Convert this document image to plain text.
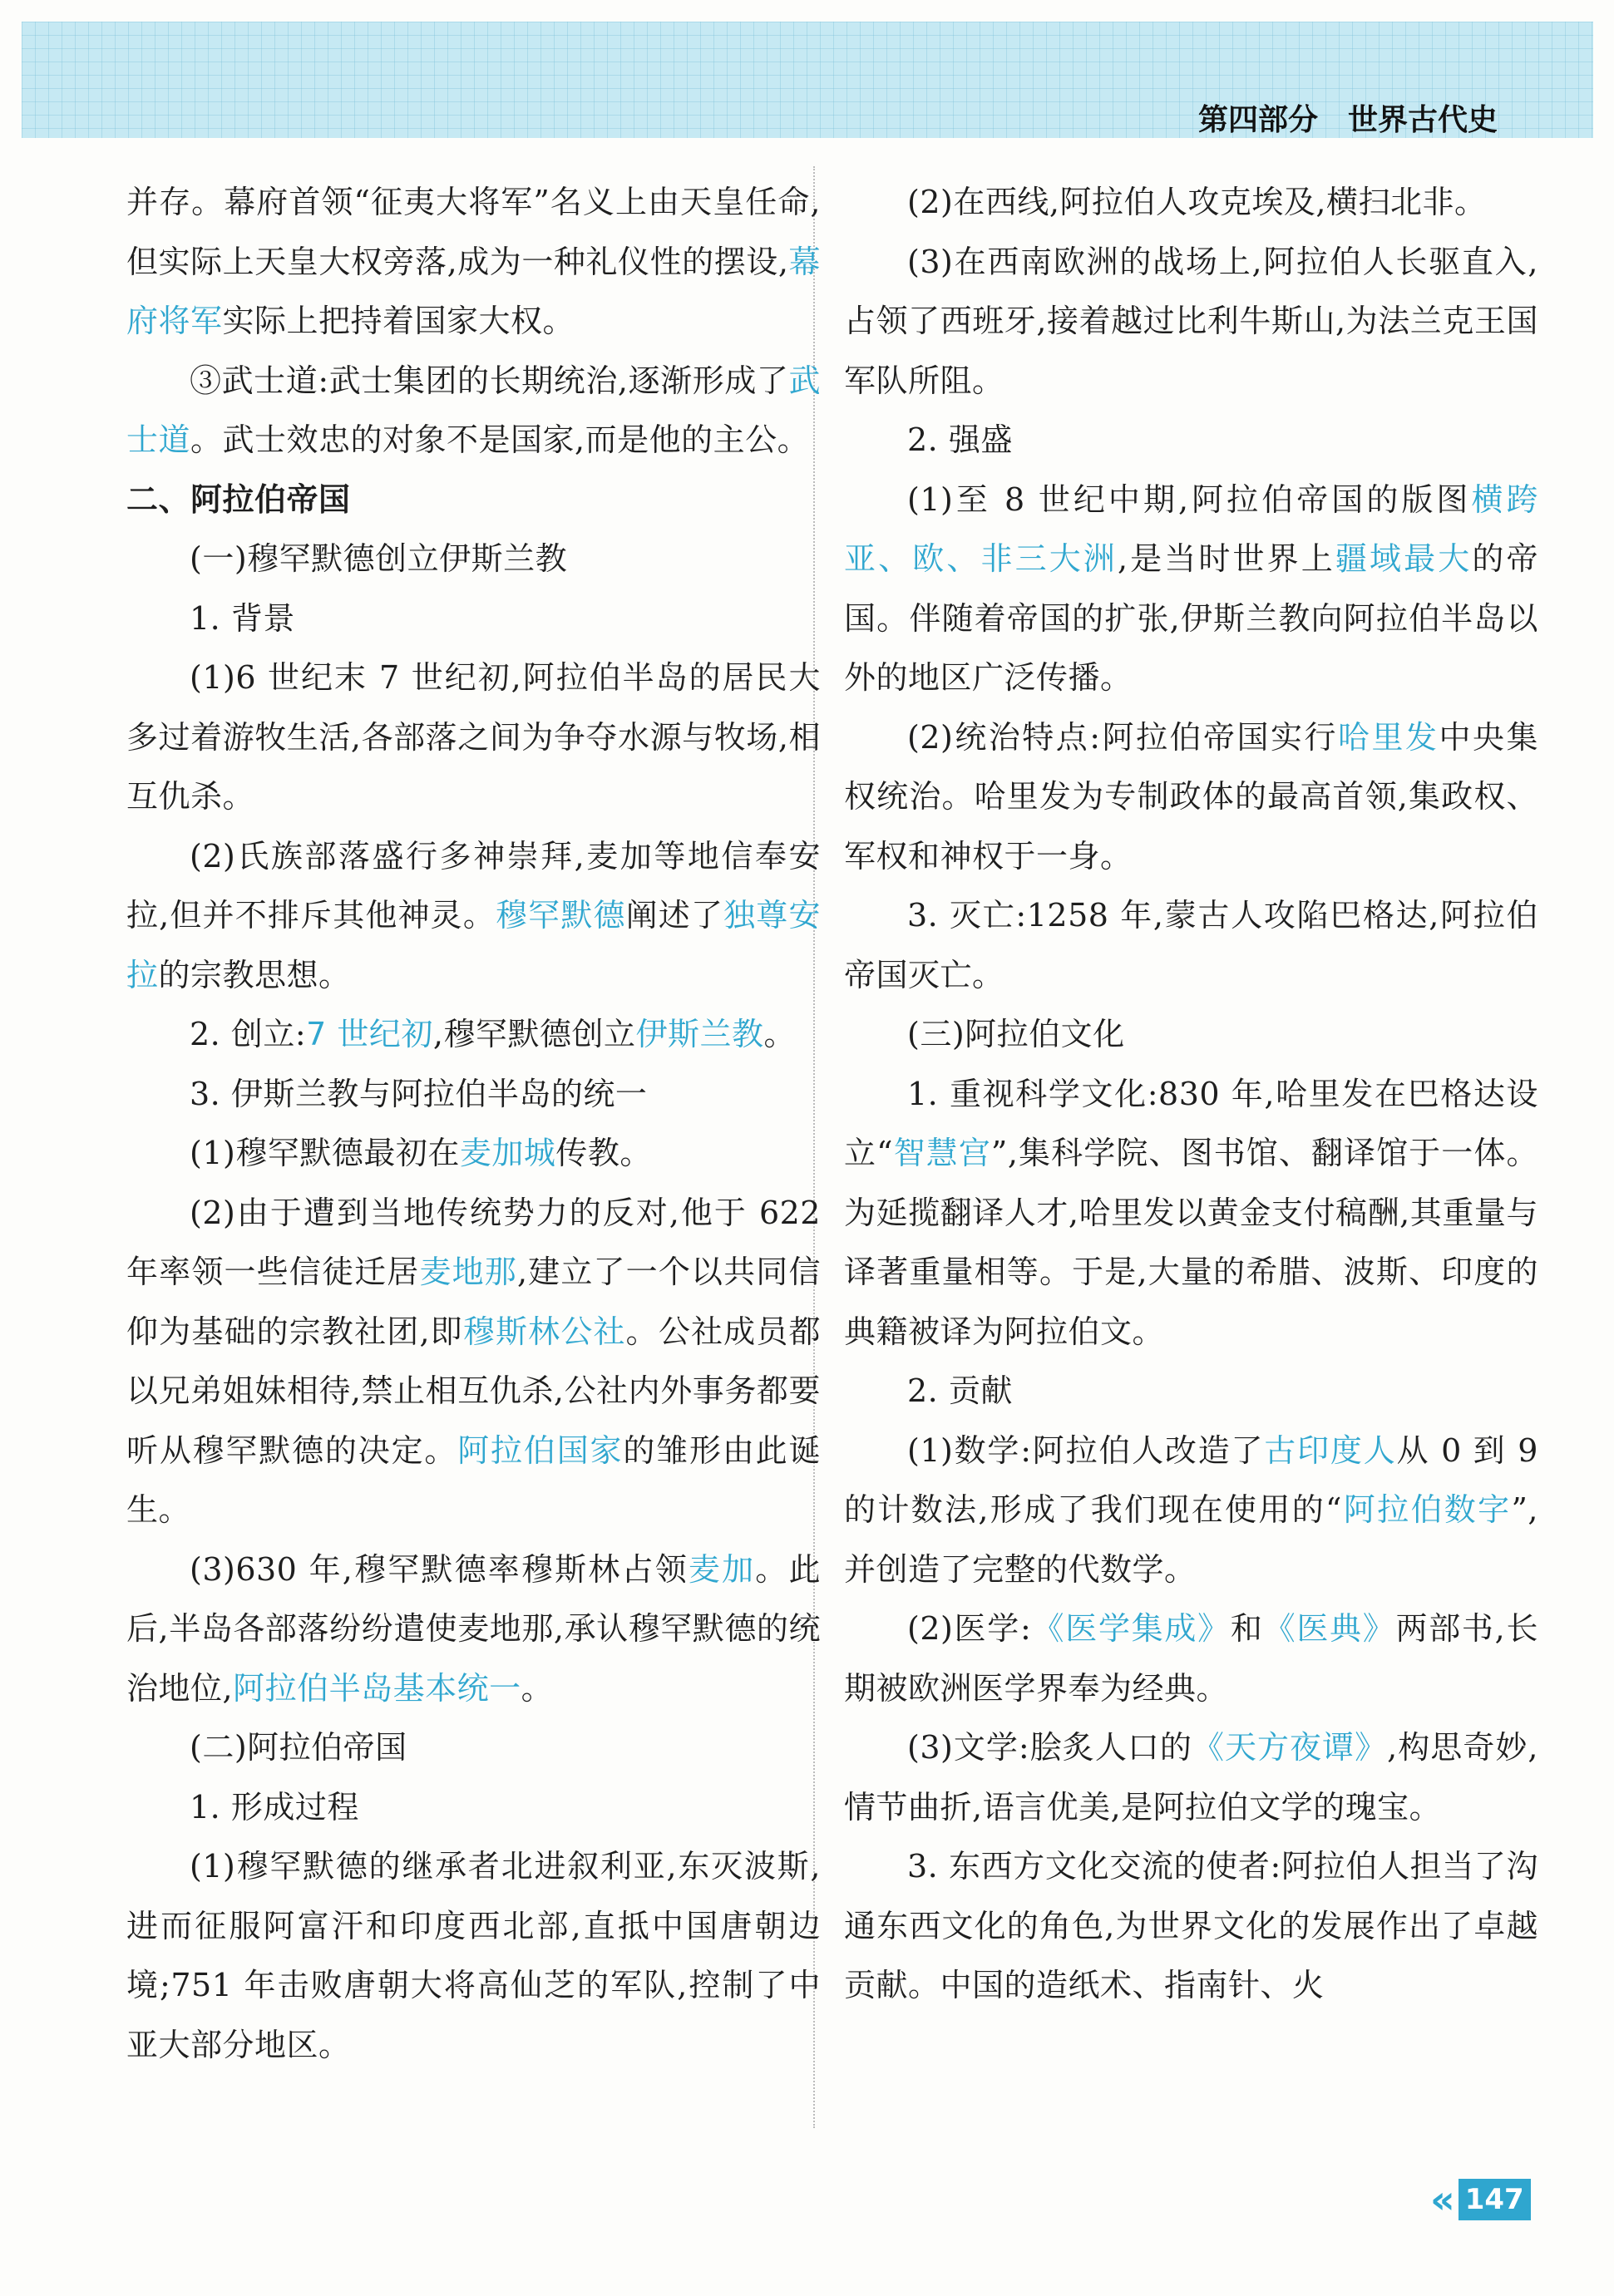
第四部分　世界古代史

并存。幕府首领“征夷大将军”名义上由天皇任命,但实际上天皇大权旁落,成为一种礼仪性的摆设,幕府将军实际上把持着国家大权。

③武士道:武士集团的长期统治,逐渐形成了武士道。武士效忠的对象不是国家,而是他的主公。

二、阿拉伯帝国

(一)穆罕默德创立伊斯兰教

1. 背景

(1)6 世纪末 7 世纪初,阿拉伯半岛的居民大多过着游牧生活,各部落之间为争夺水源与牧场,相互仇杀。

(2)氏族部落盛行多神崇拜,麦加等地信奉安拉,但并不排斥其他神灵。穆罕默德阐述了独尊安拉的宗教思想。

2. 创立:7 世纪初,穆罕默德创立伊斯兰教。

3. 伊斯兰教与阿拉伯半岛的统一

(1)穆罕默德最初在麦加城传教。

(2)由于遭到当地传统势力的反对,他于 622 年率领一些信徒迁居麦地那,建立了一个以共同信仰为基础的宗教社团,即穆斯林公社。公社成员都以兄弟姐妹相待,禁止相互仇杀,公社内外事务都要听从穆罕默德的决定。阿拉伯国家的雏形由此诞生。

(3)630 年,穆罕默德率穆斯林占领麦加。此后,半岛各部落纷纷遣使麦地那,承认穆罕默德的统治地位,阿拉伯半岛基本统一。

(二)阿拉伯帝国

1. 形成过程

(1)穆罕默德的继承者北进叙利亚,东灭波斯,进而征服阿富汗和印度西北部,直抵中国唐朝边境;751 年击败唐朝大将高仙芝的军队,控制了中亚大部分地区。

(2)在西线,阿拉伯人攻克埃及,横扫北非。

(3)在西南欧洲的战场上,阿拉伯人长驱直入,占领了西班牙,接着越过比利牛斯山,为法兰克王国军队所阻。

2. 强盛

(1)至 8 世纪中期,阿拉伯帝国的版图横跨亚、欧、非三大洲,是当时世界上疆域最大的帝国。伴随着帝国的扩张,伊斯兰教向阿拉伯半岛以外的地区广泛传播。

(2)统治特点:阿拉伯帝国实行哈里发中央集权统治。哈里发为专制政体的最高首领,集政权、军权和神权于一身。

3. 灭亡:1258 年,蒙古人攻陷巴格达,阿拉伯帝国灭亡。

(三)阿拉伯文化

1. 重视科学文化:830 年,哈里发在巴格达设立“智慧宫”,集科学院、图书馆、翻译馆于一体。为延揽翻译人才,哈里发以黄金支付稿酬,其重量与译著重量相等。于是,大量的希腊、波斯、印度的典籍被译为阿拉伯文。

2. 贡献

(1)数学:阿拉伯人改造了古印度人从 0 到 9 的计数法,形成了我们现在使用的“阿拉伯数字”,并创造了完整的代数学。

(2)医学:《医学集成》和《医典》两部书,长期被欧洲医学界奉为经典。

(3)文学:脍炙人口的《天方夜谭》,构思奇妙,情节曲折,语言优美,是阿拉伯文学的瑰宝。

3. 东西方文化交流的使者:阿拉伯人担当了沟通东西文化的角色,为世界文化的发展作出了卓越贡献。中国的造纸术、指南针、火

« 147
